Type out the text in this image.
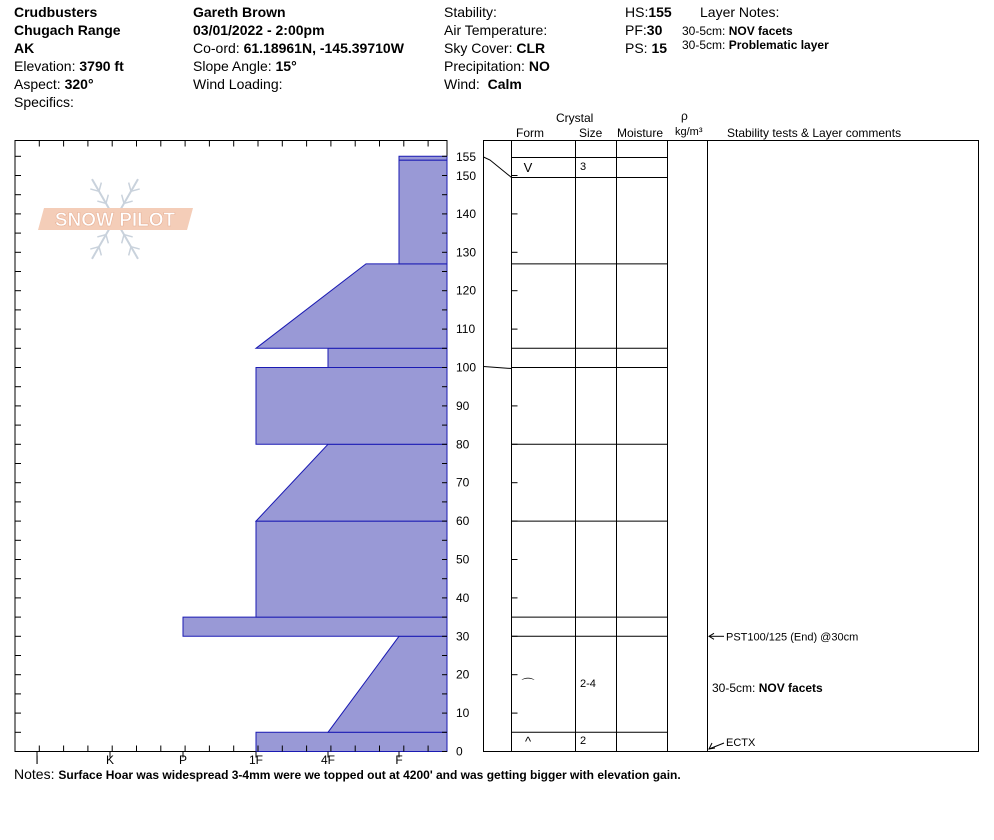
Crudbusters
Chugach Range
AK
Elevation: 3790 ft
Aspect: 320°
Specifics:
Gareth Brown
03/01/2022 - 2:00pm
Co-ord: 61.18961N, -145.39710W
Slope Angle: 15°
Wind Loading:
Stability:
Air Temperature:
Sky Cover: CLR
Precipitation: NO
Wind: Calm
HS:155
PF:30
PS: 15
Layer Notes:
30-5cm: NOV facets
30-5cm: Problematic layer
Crystal
Form	Size Moisture
ρ
kg/m³ Stability tests & Layer comments
SNOW PILOT
I	K	P	1F	4F	F
0
10
20
30
40
50
60
70
80
90
100
110
120
130
140
150
155
V	3
⌒	2-4
^	2
PST100/125 (End) @30cm
30-5cm: NOV facets
ECTX
Notes: Surface Hoar was widespread 3-4mm were we topped out at 4200' and was getting bigger with elevation gain.
